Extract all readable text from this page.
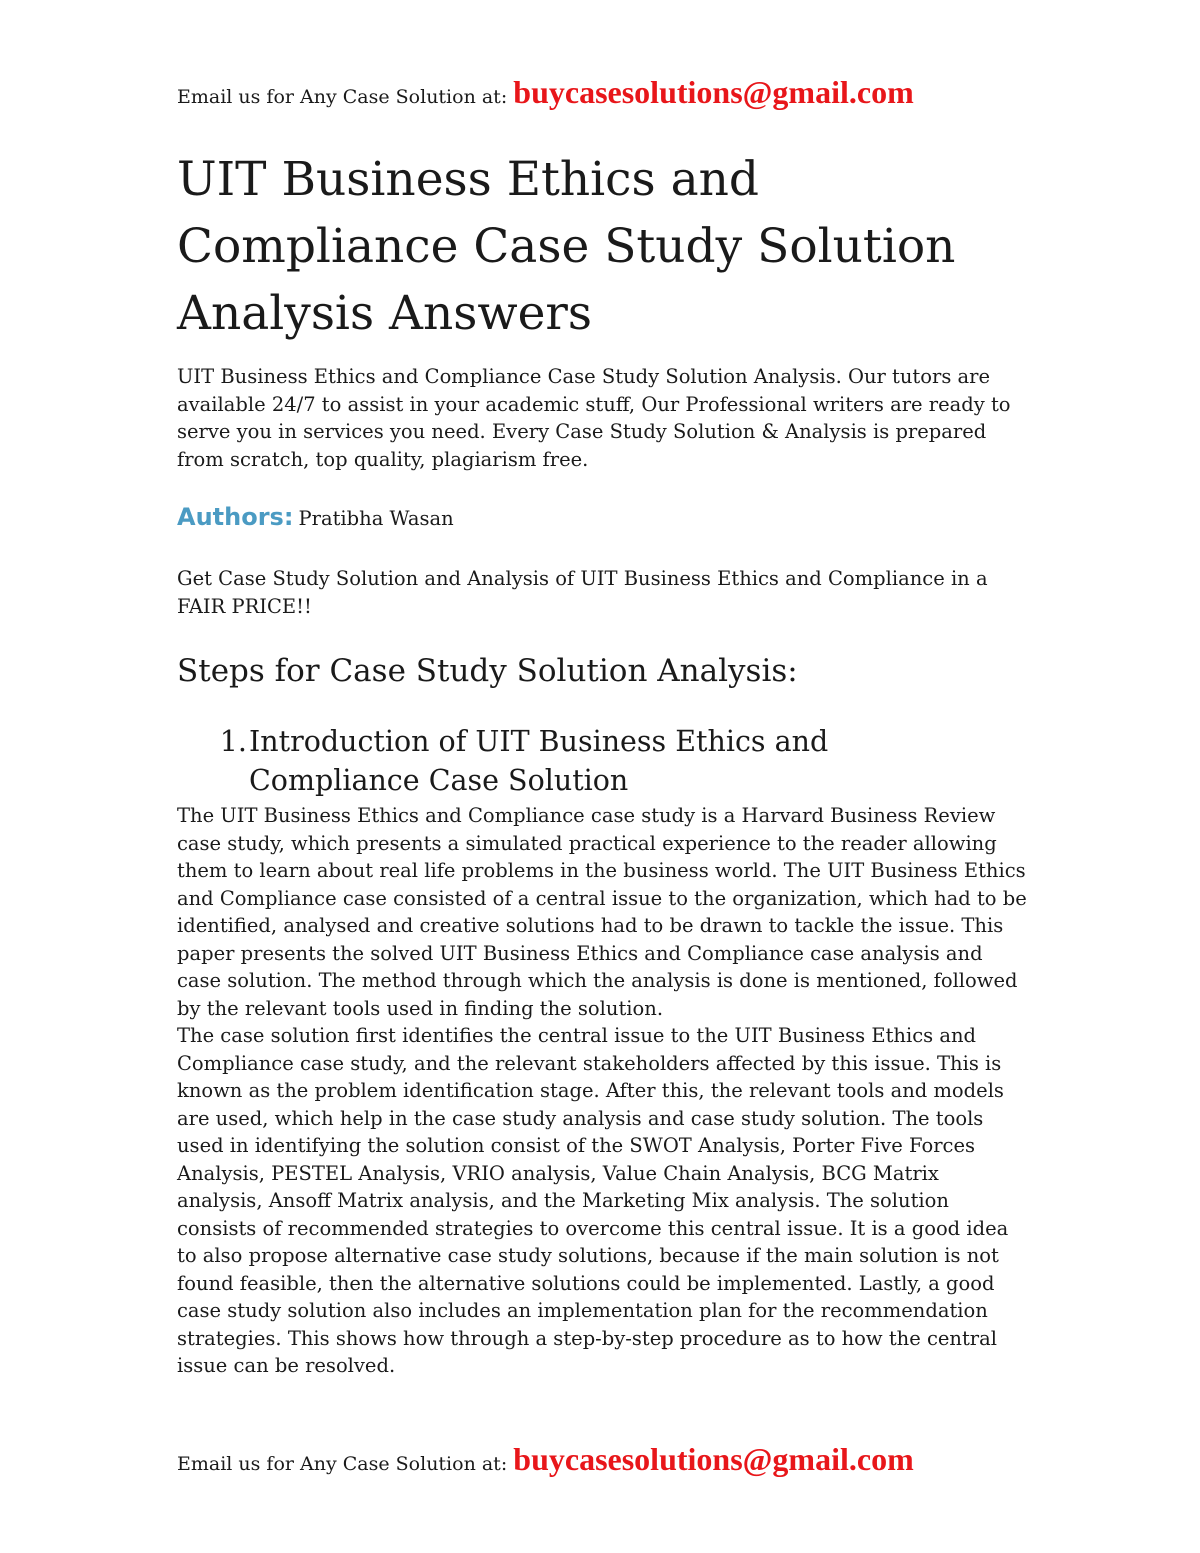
Email us for Any Case Solution at: buycasesolutions@gmail.com
UIT Business Ethics and Compliance Case Study Solution Analysis Answers

UIT Business Ethics and Compliance Case Study Solution Analysis. Our tutors are available 24/7 to assist in your academic stuff, Our Professional writers are ready to serve you in services you need. Every Case Study Solution & Analysis is prepared from scratch, top quality, plagiarism free.

Authors: Pratibha Wasan

Get Case Study Solution and Analysis of UIT Business Ethics and Compliance in a FAIR PRICE!!

Steps for Case Study Solution Analysis:
1.Introduction of UIT Business Ethics and Compliance Case Solution

The UIT Business Ethics and Compliance case study is a Harvard Business Review case study, which presents a simulated practical experience to the reader allowing them to learn about real life problems in the business world. The UIT Business Ethics and Compliance case consisted of a central issue to the organization, which had to be identified, analysed and creative solutions had to be drawn to tackle the issue. This paper presents the solved UIT Business Ethics and Compliance case analysis and case solution. The method through which the analysis is done is mentioned, followed by the relevant tools used in finding the solution.

The case solution first identifies the central issue to the UIT Business Ethics and Compliance case study, and the relevant stakeholders affected by this issue. This is known as the problem identification stage. After this, the relevant tools and models are used, which help in the case study analysis and case study solution. The tools used in identifying the solution consist of the SWOT Analysis, Porter Five Forces Analysis, PESTEL Analysis, VRIO analysis, Value Chain Analysis, BCG Matrix analysis, Ansoff Matrix analysis, and the Marketing Mix analysis. The solution consists of recommended strategies to overcome this central issue. It is a good idea to also propose alternative case study solutions, because if the main solution is not found feasible, then the alternative solutions could be implemented. Lastly, a good case study solution also includes an implementation plan for the recommendation strategies. This shows how through a step-by-step procedure as to how the central issue can be resolved.

Email us for Any Case Solution at: buycasesolutions@gmail.com
